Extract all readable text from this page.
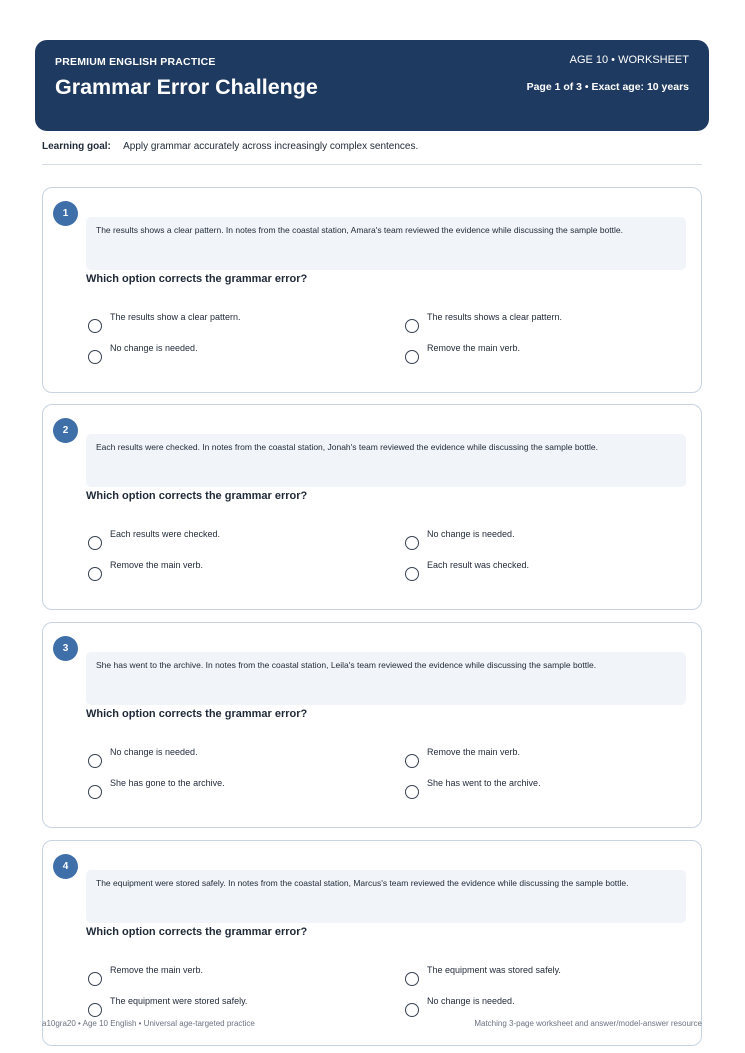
PREMIUM ENGLISH PRACTICE
Grammar Error Challenge
AGE 10 • WORKSHEET
Page 1 of 3 • Exact age: 10 years
Learning goal: Apply grammar accurately across increasingly complex sentences.
1
The results shows a clear pattern. In notes from the coastal station, Amara's team reviewed the evidence while discussing the sample bottle.
Which option corrects the grammar error?
The results show a clear pattern.	The results shows a clear pattern.
No change is needed.	Remove the main verb.
2
Each results were checked. In notes from the coastal station, Jonah's team reviewed the evidence while discussing the sample bottle.
Which option corrects the grammar error?
Each results were checked.	No change is needed.
Remove the main verb.	Each result was checked.
3
She has went to the archive. In notes from the coastal station, Leila's team reviewed the evidence while discussing the sample bottle.
Which option corrects the grammar error?
No change is needed.	Remove the main verb.
She has gone to the archive.	She has went to the archive.
4
The equipment were stored safely. In notes from the coastal station, Marcus's team reviewed the evidence while discussing the sample bottle.
Which option corrects the grammar error?
Remove the main verb.	The equipment was stored safely.
The equipment were stored safely.	No change is needed.
a10gra20 • Age 10 English • Universal age-targeted practice	Matching 3-page worksheet and answer/model-answer resource
